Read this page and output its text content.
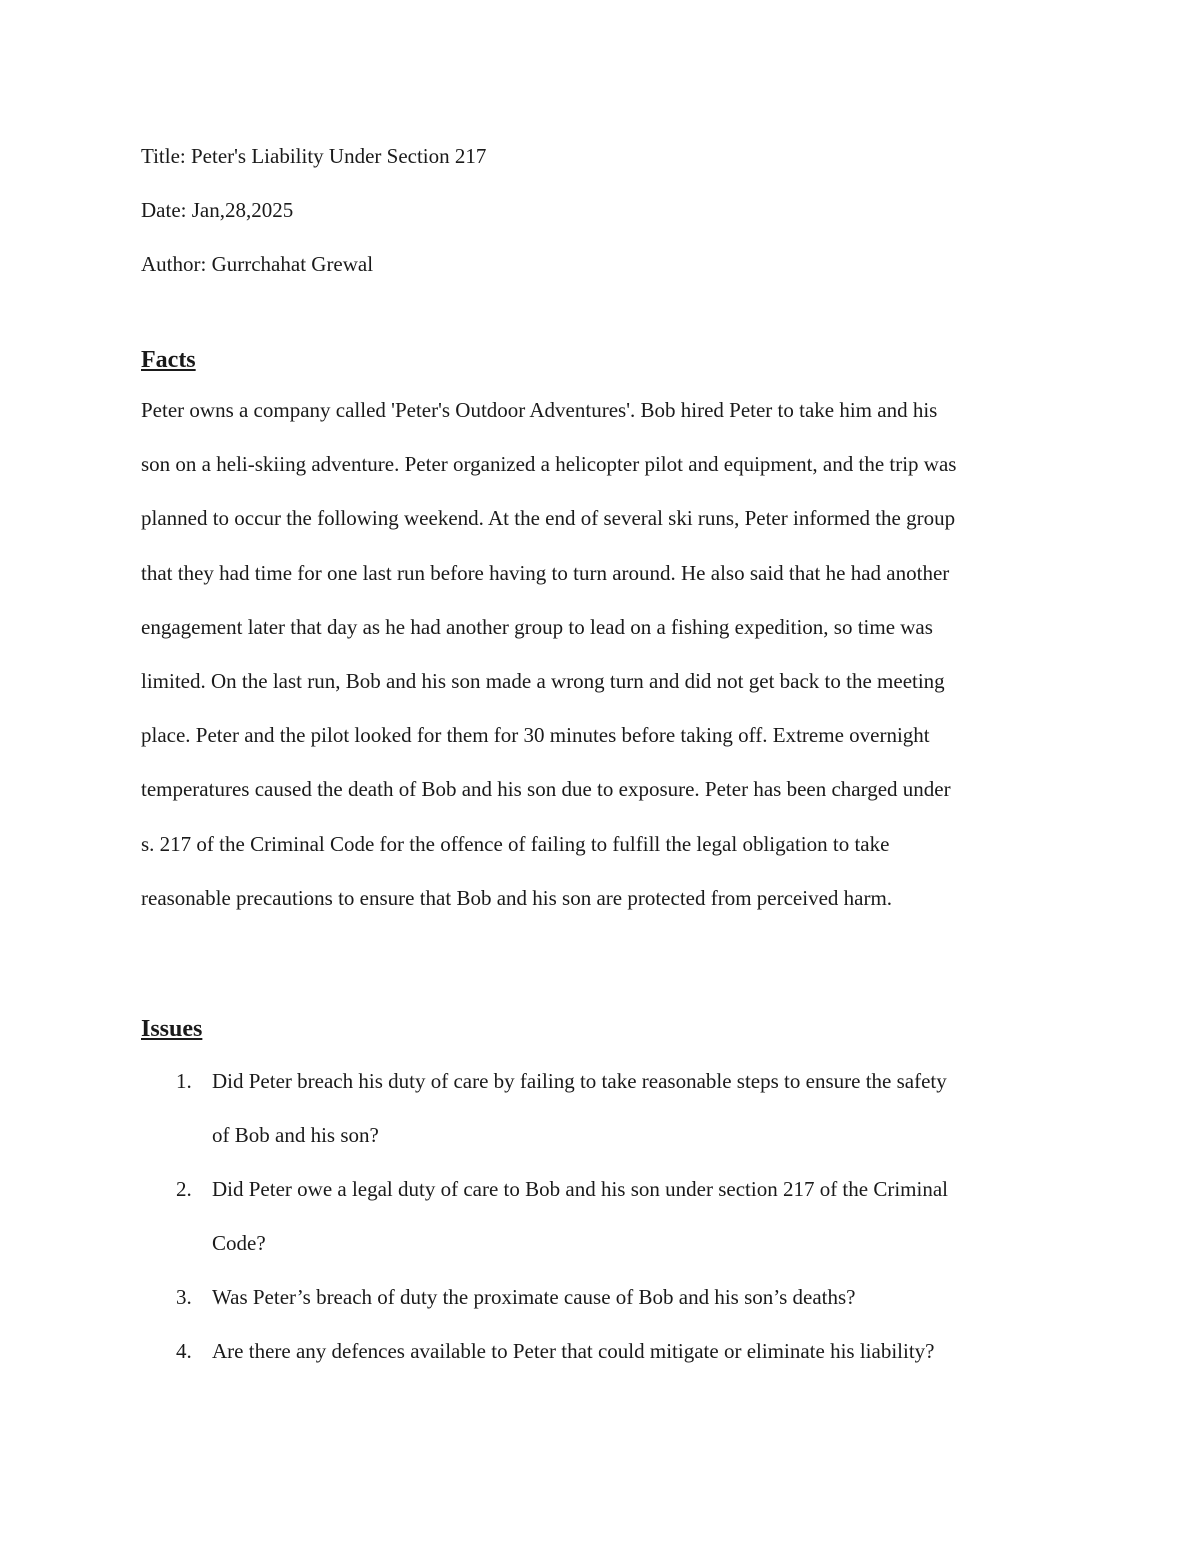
Title: Peter's Liability Under Section 217
Date: Jan,28,2025
Author: Gurrchahat Grewal
Facts
Peter owns a company called 'Peter's Outdoor Adventures'. Bob hired Peter to take him and his
son on a heli-skiing adventure. Peter organized a helicopter pilot and equipment, and the trip was
planned to occur the following weekend. At the end of several ski runs, Peter informed the group
that they had time for one last run before having to turn around. He also said that he had another
engagement later that day as he had another group to lead on a fishing expedition, so time was
limited. On the last run, Bob and his son made a wrong turn and did not get back to the meeting
place. Peter and the pilot looked for them for 30 minutes before taking off. Extreme overnight
temperatures caused the death of Bob and his son due to exposure. Peter has been charged under
s. 217 of the Criminal Code for the offence of failing to fulfill the legal obligation to take
reasonable precautions to ensure that Bob and his son are protected from perceived harm.
Issues
1. Did Peter breach his duty of care by failing to take reasonable steps to ensure the safety
of Bob and his son?
2. Did Peter owe a legal duty of care to Bob and his son under section 217 of the Criminal
Code?
3. Was Peter’s breach of duty the proximate cause of Bob and his son’s deaths?
4. Are there any defences available to Peter that could mitigate or eliminate his liability?
